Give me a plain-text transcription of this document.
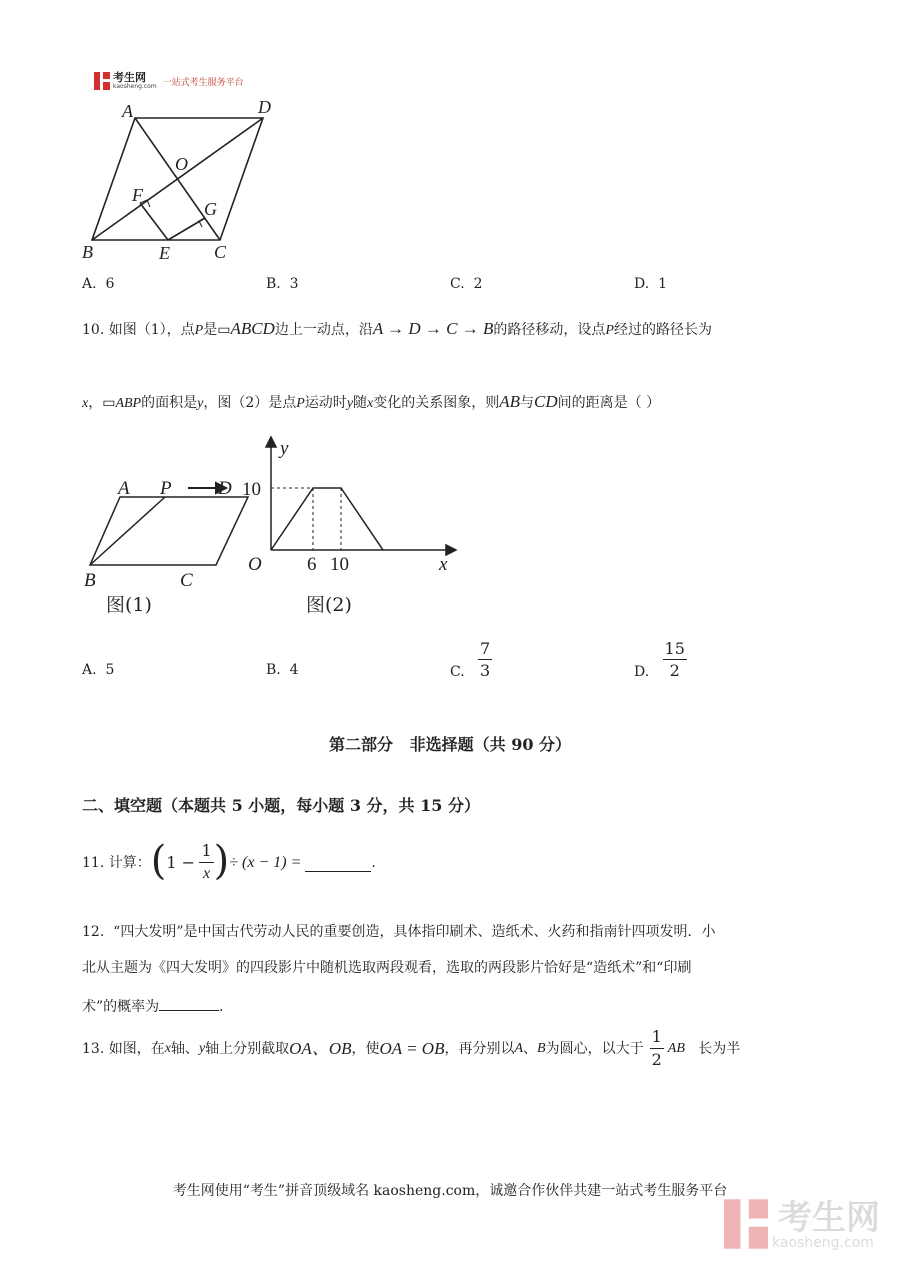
考生网
kaosheng.com 一站式考生服务平台
A	D
O
F
G
B	E C
A. 6	B. 3	C. 2	D. 1
10. 如图（1），点P是▭ABCD边上一动点，沿A → D → C → B的路径移动，设点P经过的路径长为
x，▭ABP的面积是y，图（2）是点P运动时y随x变化的关系图象，则AB与CD间的距离是（ ）
A P D
B	C
图(1)
y
x
O
10
6 10
图(2)
A. 5	B. 4	C.
$\frac{7}{3}$	D.
$\frac{15}{2}$
第二部分   非选择题（共 90 分）
二、填空题（本题共 5 小题，每小题 3 分，共 15 分）
11.
计算： ( 1 −
$\frac{1}{x}$ ) ÷ (x − 1) =	.
12. “四大发明”是中国古代劳动人民的重要创造，具体指印刷术、造纸术、火药和指南针四项发明．小
北从主题为《四大发明》的四段影片中随机选取两段观看，选取的两段影片恰好是“造纸术”和“印刷
术”的概率为	．
13.
如图，在 x 轴、 y 轴上分别截取 OA、OB ，使 OA = OB ，再分别以 A 、 B 为圆心，以大于 $\frac{1}{2}$ AB
长为半
考生网使用“考生”拼音顶级域名 kaosheng.com，诚邀合作伙伴共建一站式考生服务平台
考生网
kaosheng.com
